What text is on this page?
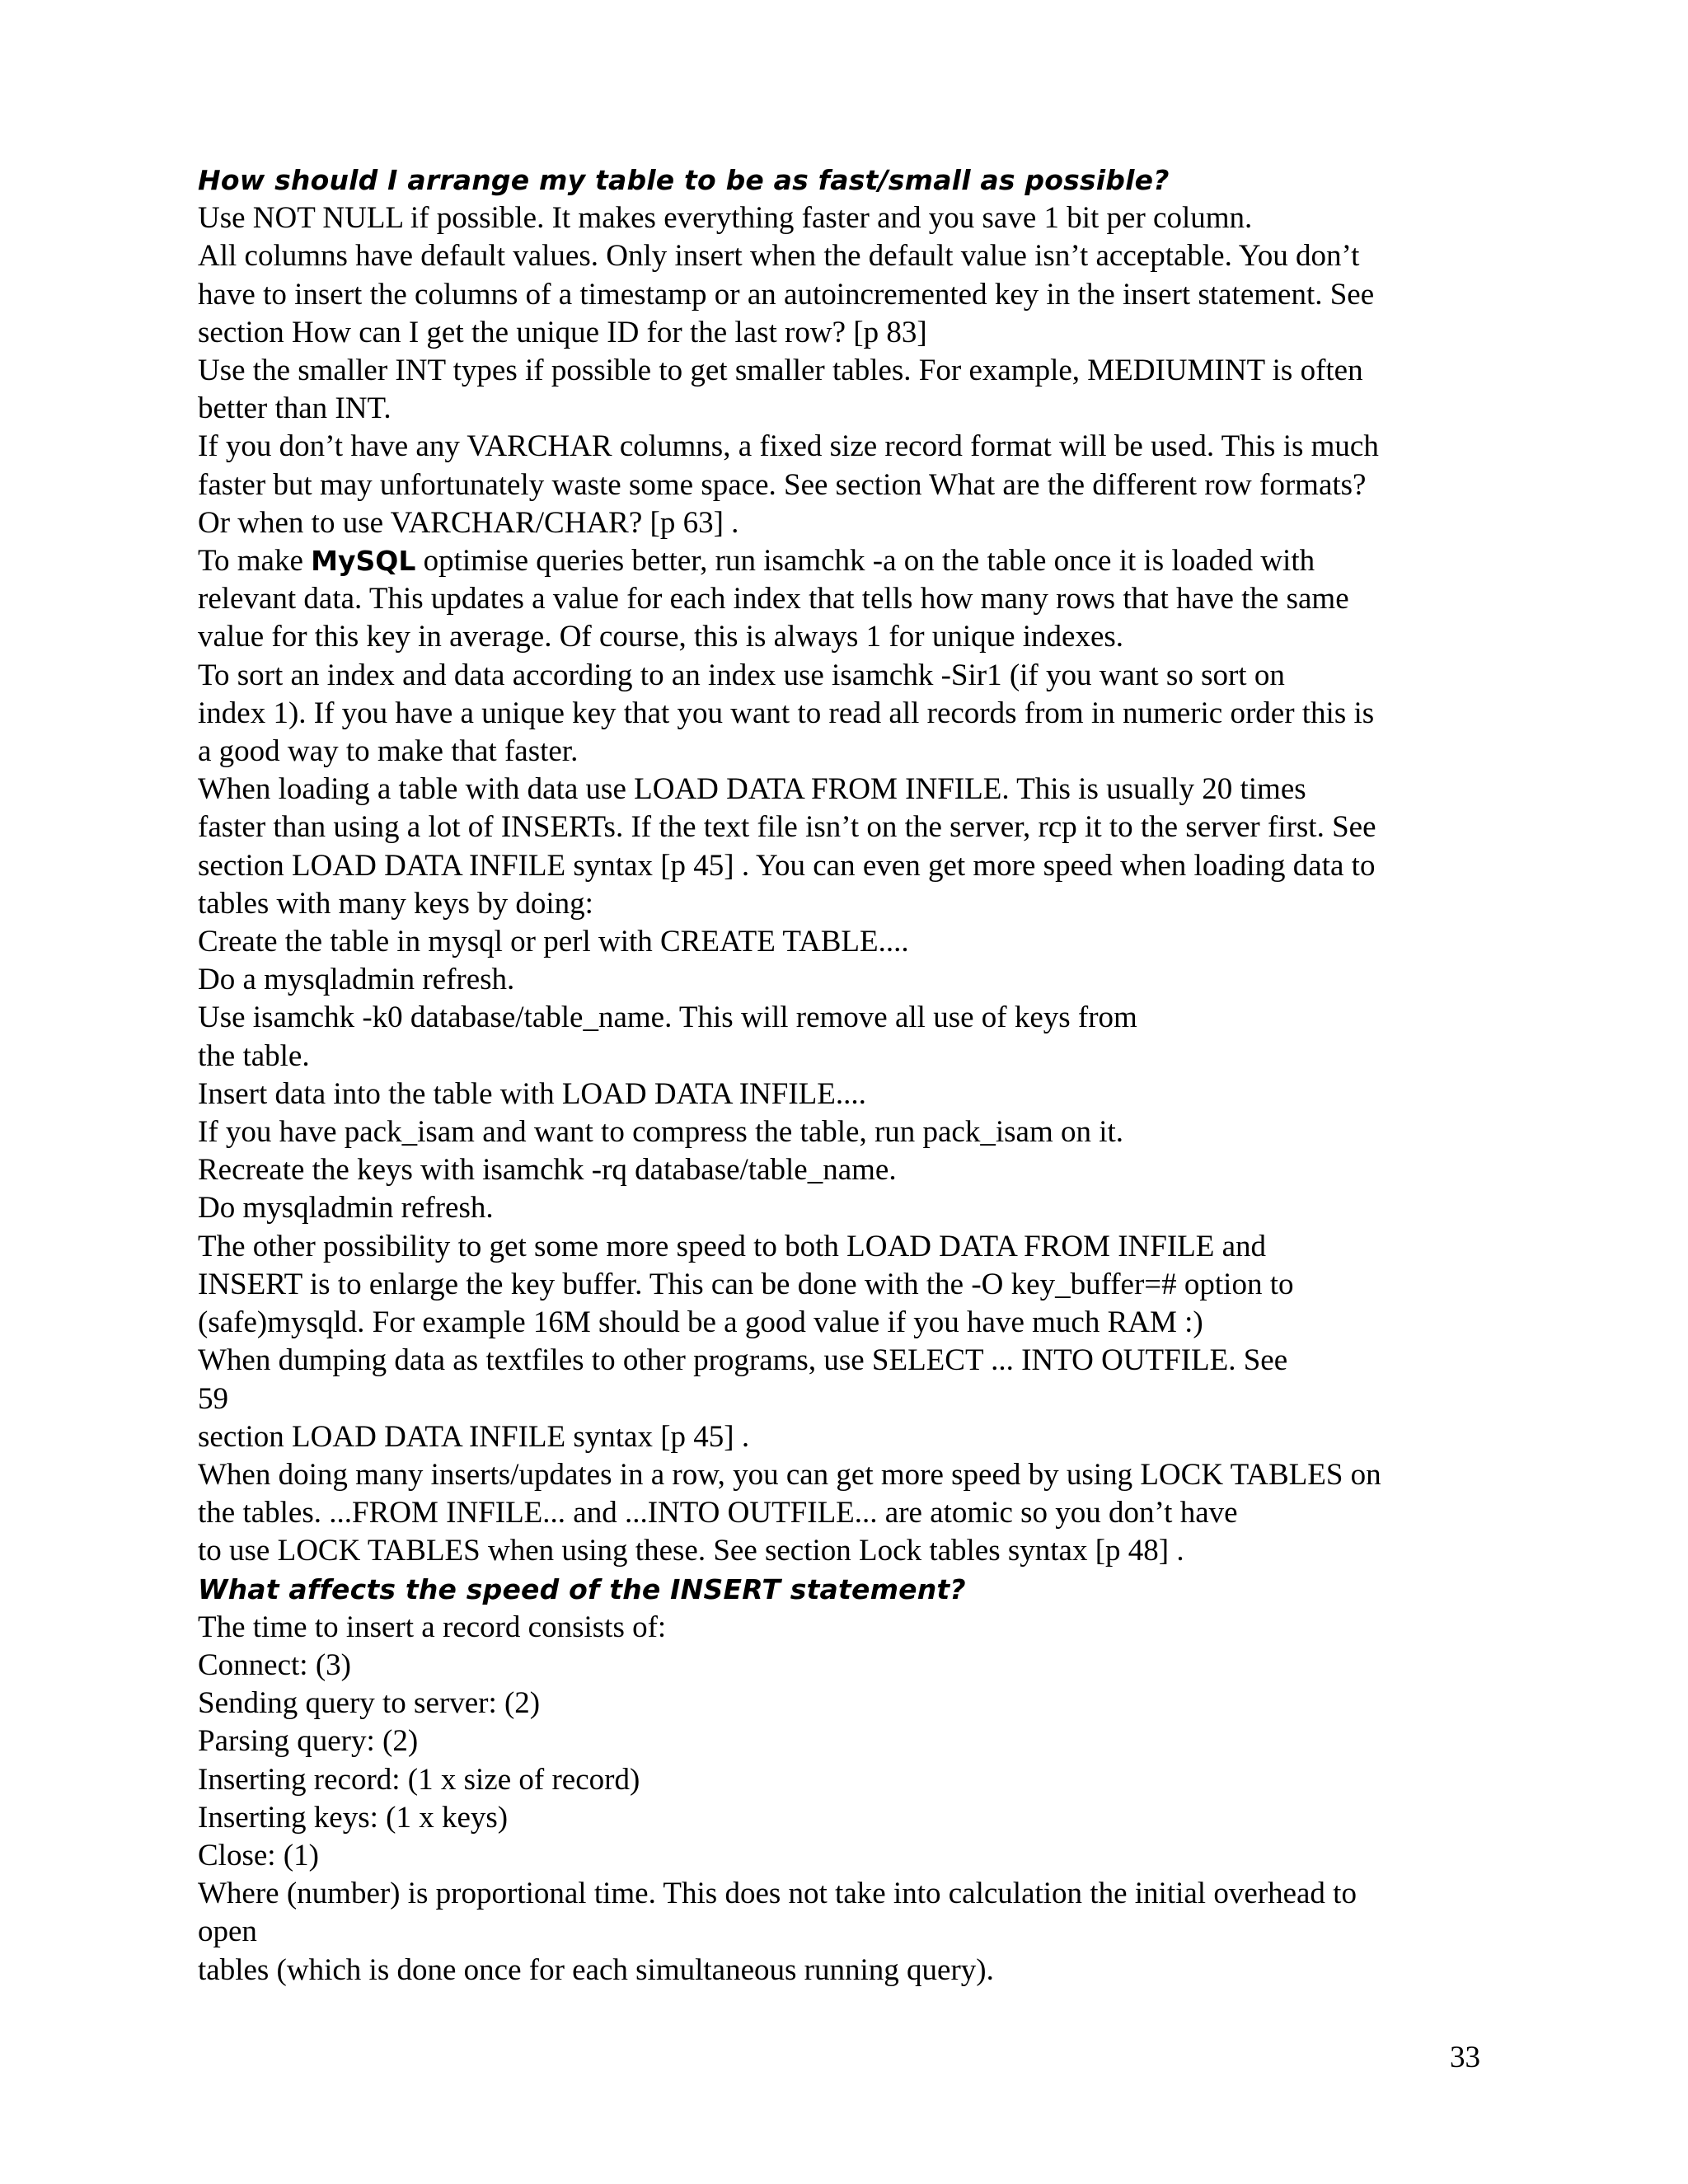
How should I arrange my table to be as fast/small as possible?
Use NOT NULL if possible. It makes everything faster and you save 1 bit per column.
All columns have default values. Only insert when the default value isn’t acceptable. You don’t
have to insert the columns of a timestamp or an autoincremented key in the insert statement. See
section How can I get the unique ID for the last row? [p 83]
Use the smaller INT types if possible to get smaller tables. For example, MEDIUMINT is often
better than INT.
If you don’t have any VARCHAR columns, a fixed size record format will be used. This is much
faster but may unfortunately waste some space. See section What are the different row formats?
Or when to use VARCHAR/CHAR? [p 63] .
To make MySQL optimise queries better, run isamchk -a on the table once it is loaded with
relevant data. This updates a value for each index that tells how many rows that have the same
value for this key in average. Of course, this is always 1 for unique indexes.
To sort an index and data according to an index use isamchk -Sir1 (if you want so sort on
index 1). If you have a unique key that you want to read all records from in numeric order this is
a good way to make that faster.
When loading a table with data use LOAD DATA FROM INFILE. This is usually 20 times
faster than using a lot of INSERTs. If the text file isn’t on the server, rcp it to the server first. See
section LOAD DATA INFILE syntax [p 45] . You can even get more speed when loading data to
tables with many keys by doing:
Create the table in mysql or perl with CREATE TABLE....
Do a mysqladmin refresh.
Use isamchk -k0 database/table_name. This will remove all use of keys from
the table.
Insert data into the table with LOAD DATA INFILE....
If you have pack_isam and want to compress the table, run pack_isam on it.
Recreate the keys with isamchk -rq database/table_name.
Do mysqladmin refresh.
The other possibility to get some more speed to both LOAD DATA FROM INFILE and
INSERT is to enlarge the key buffer. This can be done with the -O key_buffer=# option to
(safe)mysqld. For example 16M should be a good value if you have much RAM :)
When dumping data as textfiles to other programs, use SELECT ... INTO OUTFILE. See
59
section LOAD DATA INFILE syntax [p 45] .
When doing many inserts/updates in a row, you can get more speed by using LOCK TABLES on
the tables. ...FROM INFILE... and ...INTO OUTFILE... are atomic so you don’t have
to use LOCK TABLES when using these. See section Lock tables syntax [p 48] .
What affects the speed of the INSERT statement?
The time to insert a record consists of:
Connect: (3)
Sending query to server: (2)
Parsing query: (2)
Inserting record: (1 x size of record)
Inserting keys: (1 x keys)
Close: (1)
Where (number) is proportional time. This does not take into calculation the initial overhead to
open
tables (which is done once for each simultaneous running query).
33
